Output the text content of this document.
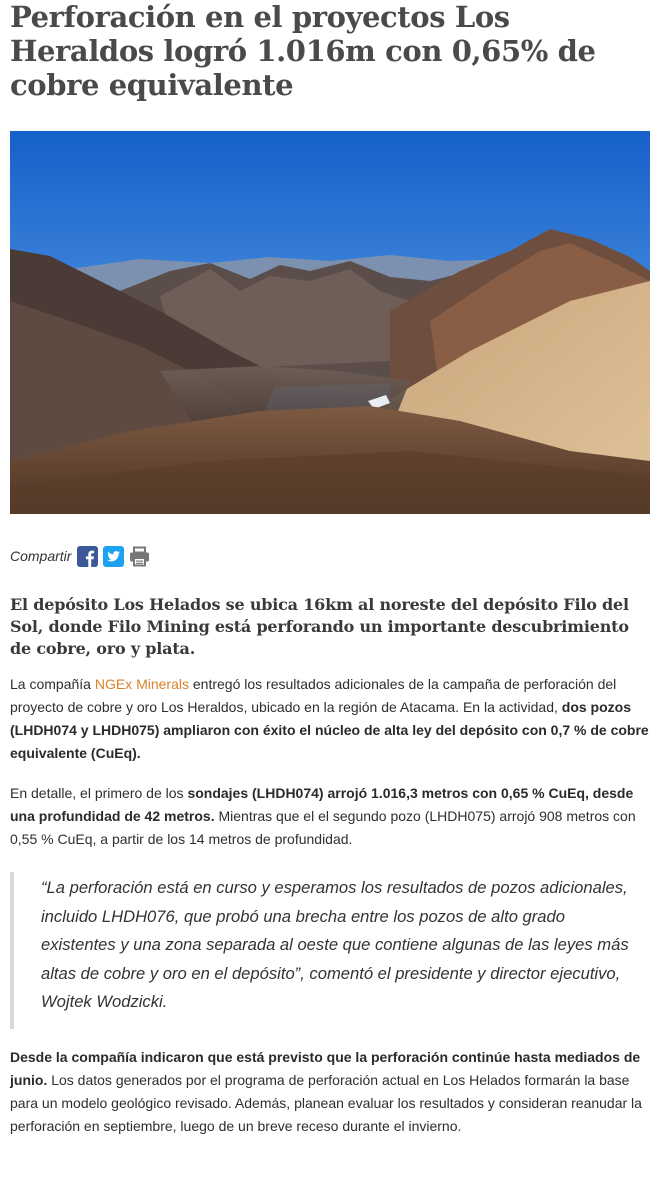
Perforación en el proyectos Los Heraldos logró 1.016m con 0,65% de cobre equivalente
Compartir

El depósito Los Helados se ubica 16km al noreste del depósito Filo del Sol, donde Filo Mining está perforando un importante descubrimiento de cobre, oro y plata.

La compañía NGEx Minerals entregó los resultados adicionales de la campaña de perforación del proyecto de cobre y oro Los Heraldos, ubicado en la región de Atacama. En la actividad, dos pozos (LHDH074 y LHDH075) ampliaron con éxito el núcleo de alta ley del depósito con 0,7 % de cobre equivalente (CuEq).

En detalle, el primero de los sondajes (LHDH074) arrojó 1.016,3 metros con 0,65 % CuEq, desde una profundidad de 42 metros. Mientras que el el segundo pozo (LHDH075) arrojó 908 metros con 0,55 % CuEq, a partir de los 14 metros de profundidad.

“La perforación está en curso y esperamos los resultados de pozos adicionales, incluido LHDH076, que probó una brecha entre los pozos de alto grado existentes y una zona separada al oeste que contiene algunas de las leyes más altas de cobre y oro en el depósito”, comentó el presidente y director ejecutivo, Wojtek Wodzicki.

Desde la compañía indicaron que está previsto que la perforación continúe hasta mediados de junio. Los datos generados por el programa de perforación actual en Los Helados formarán la base para un modelo geológico revisado. Además, planean evaluar los resultados y consideran reanudar la perforación en septiembre, luego de un breve receso durante el invierno.
